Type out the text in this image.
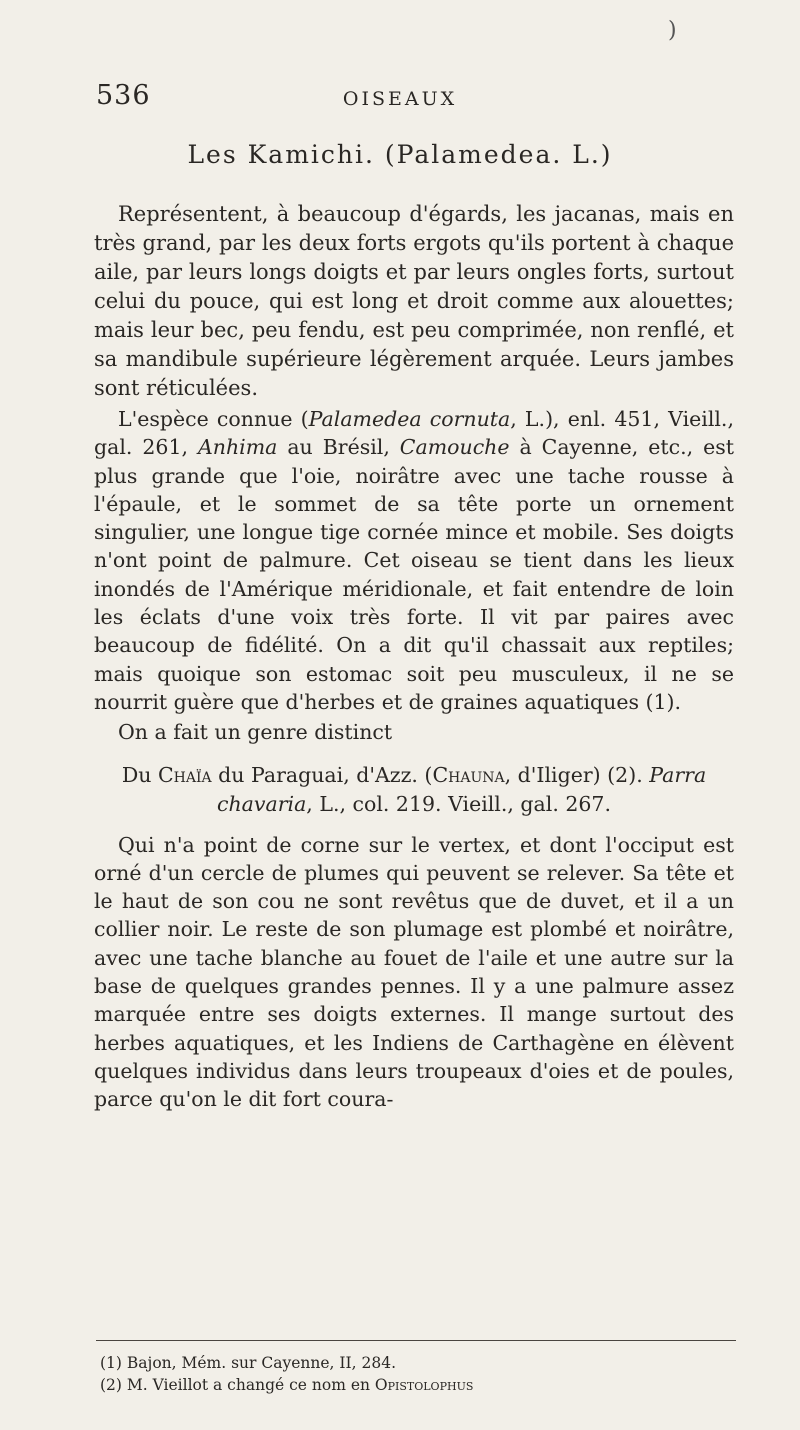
)
536	OISEAUX
Les Kamichi. (Palamedea. L.)

Représentent, à beaucoup d'égards, les jacanas, mais en très grand, par les deux forts ergots qu'ils portent à chaque aile, par leurs longs doigts et par leurs ongles forts, surtout celui du pouce, qui est long et droit comme aux alouettes; mais leur bec, peu fendu, est peu comprimée, non renflé, et sa mandibule supérieure légèrement arquée. Leurs jambes sont réticulées.

L'espèce connue (Palamedea cornuta, L.), enl. 451, Vieill., gal. 261, Anhima au Brésil, Camouche à Cayenne, etc., est plus grande que l'oie, noirâtre avec une tache rousse à l'épaule, et le sommet de sa tête porte un ornement singulier, une longue tige cornée mince et mobile. Ses doigts n'ont point de palmure. Cet oiseau se tient dans les lieux inondés de l'Amérique méridionale, et fait entendre de loin les éclats d'une voix très forte. Il vit par paires avec beaucoup de fidélité. On a dit qu'il chassait aux reptiles; mais quoique son estomac soit peu musculeux, il ne se nourrit guère que d'herbes et de graines aquatiques (1).

On a fait un genre distinct

Du Chaïa du Paraguai, d'Azz. (Chauna, d'Iliger) (2). Parra chavaria, L., col. 219. Vieill., gal. 267.

Qui n'a point de corne sur le vertex, et dont l'occiput est orné d'un cercle de plumes qui peuvent se relever. Sa tête et le haut de son cou ne sont revêtus que de duvet, et il a un collier noir. Le reste de son plumage est plombé et noirâtre, avec une tache blanche au fouet de l'aile et une autre sur la base de quelques grandes pennes. Il y a une palmure assez marquée entre ses doigts externes. Il mange surtout des herbes aquatiques, et les Indiens de Carthagène en élèvent quelques individus dans leurs troupeaux d'oies et de poules, parce qu'on le dit fort coura-

(1) Bajon, Mém. sur Cayenne, II, 284.
(2) M. Vieillot a changé ce nom en Opistolophus
